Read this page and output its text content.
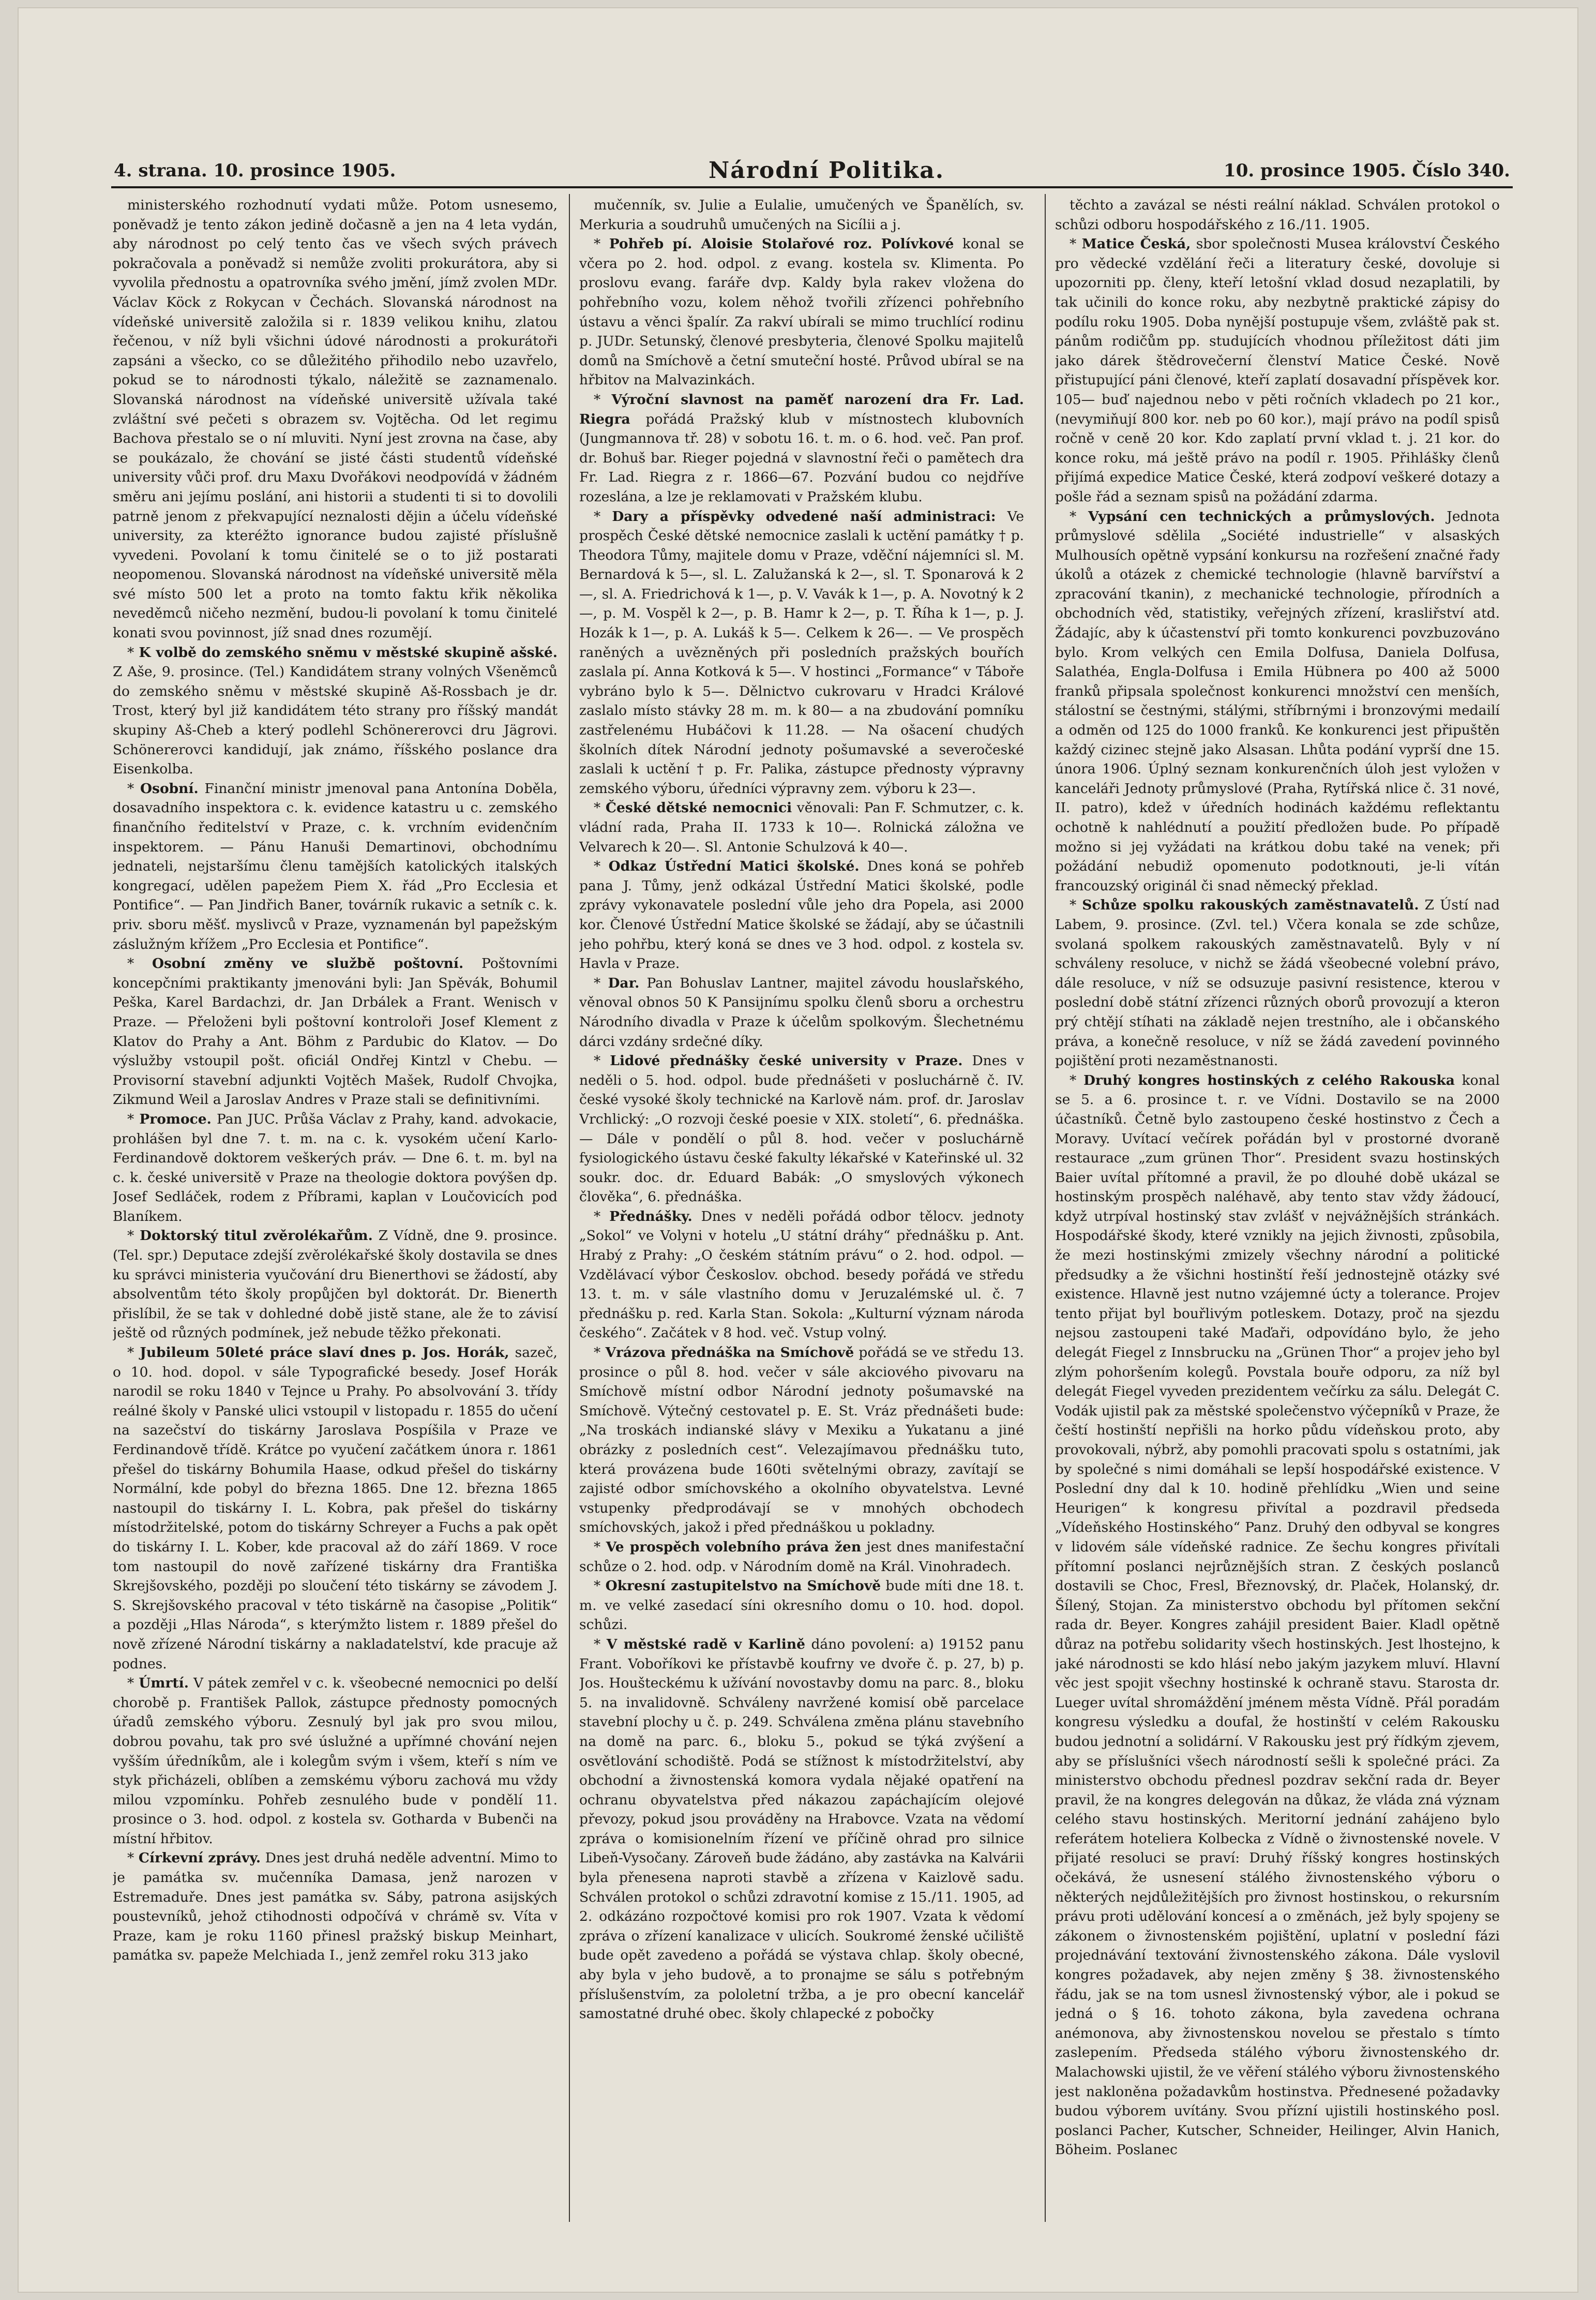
4. strana. 10. prosince 1905.	Národní Politika.	10. prosince 1905. Číslo 340.

ministerského rozhodnutí vydati může. Potom usnesemo, poněvadž je tento zákon jedině dočasně a jen na 4 leta vydán, aby národnost po celý tento čas ve všech svých právech pokračovala a poněvadž si nemůže zvoliti prokurátora, aby si vyvolila přednostu a opatrovníka svého jmění, jímž zvolen MDr. Václav Köck z Rokycan v Čechách. Slovanská národnost na vídeňské universitě založila si r. 1839 velikou knihu, zlatou řečenou, v níž byli všichni údové národnosti a prokurátoři zapsáni a všecko, co se důležitého přihodilo nebo uzavřelo, pokud se to národnosti týkalo, náležitě se zaznamenalo. Slovanská národnost na vídeňské universitě užívala také zvláštní své pečeti s obrazem sv. Vojtěcha. Od let regimu Bachova přestalo se o ní mluviti. Nyní jest zrovna na čase, aby se poukázalo, že chování se jisté části studentů vídeňské university vůči prof. dru Maxu Dvořákovi neodpovídá v žádném směru ani jejímu poslání, ani historii a studenti ti si to dovolili patrně jenom z překvapující neznalosti dějin a účelu vídeňské university, za kteréžto ignorance budou zajisté příslušně vyvedeni. Povolaní k tomu činitelé se o to již postarati neopomenou. Slovanská národnost na vídeňské universitě měla své místo 500 let a proto na tomto faktu křik několika neveděmců ničeho nezmění, budou-li povolaní k tomu činitelé konati svou povinnost, jíž snad dnes rozumějí.

* K volbě do zemského sněmu v městské skupině ašské. Z Aše, 9. prosince. (Tel.) Kandidátem strany volných Všeněmců do zemského sněmu v městské skupině Aš-Rossbach je dr. Trost, který byl již kandidátem této strany pro říšský mandát skupiny Aš-Cheb a který podlehl Schönererovci dru Jägrovi. Schönererovci kandidují, jak známo, říšského poslance dra Eisenkolba.

* Osobní. Finanční ministr jmenoval pana Antonína Doběla, dosavadního inspektora c. k. evidence katastru u c. zemského finančního ředitelství v Praze, c. k. vrchním evidenčním inspektorem. — Pánu Hanuši Demartinovi, obchodnímu jednateli, nejstaršímu členu tamějších katolických italských kongregací, udělen papežem Piem X. řád „Pro Ecclesia et Pontifice“. — Pan Jindřich Baner, továrník rukavic a setník c. k. priv. sboru měšť. myslivců v Praze, vyznamenán byl papežským záslužným křížem „Pro Ecclesia et Pontifice“.

* Osobní změny ve službě poštovní. Poštovními koncepčními praktikanty jmenováni byli: Jan Spěvák, Bohumil Peška, Karel Bardachzi, dr. Jan Drbálek a Frant. Wenisch v Praze. — Přeloženi byli poštovní kontroloři Josef Klement z Klatov do Prahy a Ant. Böhm z Pardubic do Klatov. — Do výslužby vstoupil pošt. oficiál Ondřej Kintzl v Chebu. — Provisorní stavební adjunkti Vojtěch Mašek, Rudolf Chvojka, Zikmund Weil a Jaroslav Andres v Praze stali se definitivními.

* Promoce. Pan JUC. Průša Václav z Prahy, kand. advokacie, prohlášen byl dne 7. t. m. na c. k. vysokém učení Karlo-Ferdinandově doktorem veškerých práv. — Dne 6. t. m. byl na c. k. české universitě v Praze na theologie doktora povýšen dp. Josef Sedláček, rodem z Příbrami, kaplan v Loučovicích pod Blaníkem.

* Doktorský titul zvěrolékařům. Z Vídně, dne 9. prosince. (Tel. spr.) Deputace zdejší zvěrolékařské školy dostavila se dnes ku správci ministeria vyučování dru Bienerthovi se žádostí, aby absolventům této školy propůjčen byl doktorát. Dr. Bienerth přislíbil, že se tak v dohledné době jistě stane, ale že to závisí ještě od různých podmínek, jež nebude těžko překonati.

* Jubileum 50leté práce slaví dnes p. Jos. Horák, sazeč, o 10. hod. dopol. v sále Typografické besedy. Josef Horák narodil se roku 1840 v Tejnce u Prahy. Po absolvování 3. třídy reálné školy v Panské ulici vstoupil v listopadu r. 1855 do učení na sazečství do tiskárny Jaroslava Pospíšila v Praze ve Ferdinandově třídě. Krátce po vyučení začátkem února r. 1861 přešel do tiskárny Bohumila Haase, odkud přešel do tiskárny Normální, kde pobyl do března 1865. Dne 12. března 1865 nastoupil do tiskárny I. L. Kobra, pak přešel do tiskárny místodržitelské, potom do tiskárny Schreyer a Fuchs a pak opět do tiskárny I. L. Kober, kde pracoval až do září 1869. V roce tom nastoupil do nově zařízené tiskárny dra Františka Skrejšovského, později po sloučení této tiskárny se závodem J. S. Skrejšovského pracoval v této tiskárně na časopise „Politik“ a později „Hlas Národa“, s kterýmžto listem r. 1889 přešel do nově zřízené Národní tiskárny a nakladatelství, kde pracuje až podnes.

* Úmrtí. V pátek zemřel v c. k. všeobecné nemocnici po delší chorobě p. František Pallok, zástupce přednosty pomocných úřadů zemského výboru. Zesnulý byl jak pro svou milou, dobrou povahu, tak pro své úslužné a upřímné chování nejen vyšším úředníkům, ale i kolegům svým i všem, kteří s ním ve styk přicházeli, oblíben a zemskému výboru zachová mu vždy milou vzpomínku. Pohřeb zesnulého bude v pondělí 11. prosince o 3. hod. odpol. z kostela sv. Gotharda v Bubenči na místní hřbitov.

* Církevní zprávy. Dnes jest druhá neděle adventní. Mimo to je památka sv. mučenníka Damasa, jenž narozen v Estremaduře. Dnes jest památka sv. Sáby, patrona asijských poustevníků, jehož ctihodnosti odpočívá v chrámě sv. Víta v Praze, kam je roku 1160 přinesl pražský biskup Meinhart, památka sv. papeže Melchiada I., jenž zemřel roku 313 jako

mučenník, sv. Julie a Eulalie, umučených ve Španělích, sv. Merkuria a soudruhů umučených na Sicílii a j.

* Pohřeb pí. Aloisie Stolařové roz. Polívkové konal se včera po 2. hod. odpol. z evang. kostela sv. Klimenta. Po proslovu evang. faráře dvp. Kaldy byla rakev vložena do pohřebního vozu, kolem něhož tvořili zřízenci pohřebního ústavu a věnci špalír. Za rakví ubírali se mimo truchlící rodinu p. JUDr. Setunský, členové presbyteria, členové Spolku majitelů domů na Smíchově a četní smuteční hosté. Průvod ubíral se na hřbitov na Malvazinkách.

* Výroční slavnost na paměť narození dra Fr. Lad. Riegra pořádá Pražský klub v místnostech klubovních (Jungmannova tř. 28) v sobotu 16. t. m. o 6. hod. več. Pan prof. dr. Bohuš bar. Rieger pojedná v slavnostní řeči o pamětech dra Fr. Lad. Riegra z r. 1866—67. Pozvání budou co nejdříve rozeslána, a lze je reklamovati v Pražském klubu.

* Dary a příspěvky odvedené naší administraci: Ve prospěch České dětské nemocnice zaslali k uctění památky † p. Theodora Tůmy, majitele domu v Praze, vděční nájemníci sl. M. Bernardová k 5—, sl. L. Zalužanská k 2—, sl. T. Sponarová k 2—, sl. A. Friedrichová k 1—, p. V. Vavák k 1—, p. A. Novotný k 2—, p. M. Vospěl k 2—, p. B. Hamr k 2—, p. T. Říha k 1—, p. J. Hozák k 1—, p. A. Lukáš k 5—. Celkem k 26—. — Ve prospěch raněných a uvězněných při posledních pražských bouřích zaslala pí. Anna Kotková k 5—. V hostinci „Formance“ v Táboře vybráno bylo k 5—. Dělnictvo cukrovaru v Hradci Králové zaslalo místo stávky 28 m. m. k 80— a na zbudování pomníku zastřelenému Hubáčovi k 11.28. — Na ošacení chudých školních dítek Národní jednoty pošumavské a severočeské zaslali k uctění † p. Fr. Palika, zástupce přednosty výpravny zemského výboru, úředníci výpravny zem. výboru k 23—.

* České dětské nemocnici věnovali: Pan F. Schmutzer, c. k. vládní rada, Praha II. 1733 k 10—. Rolnická záložna ve Velvarech k 20—. Sl. Antonie Schulzová k 40—.

* Odkaz Ústřední Matici školské. Dnes koná se pohřeb pana J. Tůmy, jenž odkázal Ústřední Matici školské, podle zprávy vykonavatele poslední vůle jeho dra Popela, asi 2000 kor. Členové Ústřední Matice školské se žádají, aby se účastnili jeho pohřbu, který koná se dnes ve 3 hod. odpol. z kostela sv. Havla v Praze.

* Dar. Pan Bohuslav Lantner, majitel závodu houslařského, věnoval obnos 50 K Pansijnímu spolku členů sboru a orchestru Národního divadla v Praze k účelům spolkovým. Šlechetnému dárci vzdány srdečné díky.

* Lidové přednášky české university v Praze. Dnes v neděli o 5. hod. odpol. bude přednášeti v posluchárně č. IV. české vysoké školy technické na Karlově nám. prof. dr. Jaroslav Vrchlický: „O rozvoji české poesie v XIX. století“, 6. přednáška. — Dále v pondělí o půl 8. hod. večer v posluchárně fysiologického ústavu české fakulty lékařské v Kateřinské ul. 32 soukr. doc. dr. Eduard Babák: „O smyslových výkonech člověka“, 6. přednáška.

* Přednášky. Dnes v neděli pořádá odbor tělocv. jednoty „Sokol“ ve Volyni v hotelu „U státní dráhy“ přednášku p. Ant. Hrabý z Prahy: „O českém státním právu“ o 2. hod. odpol. — Vzdělávací výbor Českoslov. obchod. besedy pořádá ve středu 13. t. m. v sále vlastního domu v Jeruzalémské ul. č. 7 přednášku p. red. Karla Stan. Sokola: „Kulturní význam národa českého“. Začátek v 8 hod. več. Vstup volný.

* Vrázova přednáška na Smíchově pořádá se ve středu 13. prosince o půl 8. hod. večer v sále akciového pivovaru na Smíchově místní odbor Národní jednoty pošumavské na Smíchově. Výtečný cestovatel p. E. St. Vráz přednášeti bude: „Na troskách indianské slávy v Mexiku a Yukatanu a jiné obrázky z posledních cest“. Velezajímavou přednášku tuto, která provázena bude 160ti světelnými obrazy, zavítají se zajisté odbor smíchovského a okolního obyvatelstva. Levné vstupenky předprodávají se v mnohých obchodech smíchovských, jakož i před přednáškou u pokladny.

* Ve prospěch volebního práva žen jest dnes manifestační schůze o 2. hod. odp. v Národním domě na Král. Vinohradech.

* Okresní zastupitelstvo na Smíchově bude míti dne 18. t. m. ve velké zasedací síni okresního domu o 10. hod. dopol. schůzi.

* V městské radě v Karlině dáno povolení: a) 19152 panu Frant. Voboříkovi ke přístavbě koufrny ve dvoře č. p. 27, b) p. Jos. Houšteckému k užívání novostavby domu na parc. 8., bloku 5. na invalidovně. Schváleny navržené komisí obě parcelace stavební plochy u č. p. 249. Schválena změna plánu stavebního na domě na parc. 6., bloku 5., pokud se týká zvýšení a osvětlování schodiště. Podá se stížnost k místodržitelství, aby obchodní a živnostenská komora vydala nějaké opatření na ochranu obyvatelstva před nákazou zapáchajícím olejové převozy, pokud jsou prováděny na Hrabovce. Vzata na vědomí zpráva o komisionelním řízení ve příčině ohrad pro silnice Libeň-Vysočany. Zároveň bude žádáno, aby zastávka na Kalvárii byla přenesena naproti stavbě a zřízena v Kaizlově sadu. Schválen protokol o schůzi zdravotní komise z 15./11. 1905, ad 2. odkázáno rozpočtové komisi pro rok 1907. Vzata k vědomí zpráva o zřízení kanalizace v ulicích. Soukromé ženské učiliště bude opět zavedeno a pořádá se výstava chlap. školy obecné, aby byla v jeho budově, a to pronajme se sálu s potřebným příslušenstvím, za pololetní tržba, a je pro obecní kancelář samostatné druhé obec. školy chlapecké z pobočky

těchto a zavázal se nésti reální náklad. Schválen protokol o schůzi odboru hospodářského z 16./11. 1905.

* Matice Česká, sbor společnosti Musea království Českého pro vědecké vzdělání řeči a literatury české, dovoluje si upozorniti pp. členy, kteří letošní vklad dosud nezaplatili, by tak učinili do konce roku, aby nezbytně praktické zápisy do podílu roku 1905. Doba nynější postupuje všem, zvláště pak st. pánům rodičům pp. studujících vhodnou příležitost dáti jim jako dárek štědrovečerní členství Matice České. Nově přistupující páni členové, kteří zaplatí dosavadní příspěvek kor. 105— buď najednou nebo v pěti ročních vkladech po 21 kor., (nevymiňují 800 kor. neb po 60 kor.), mají právo na podíl spisů ročně v ceně 20 kor. Kdo zaplatí první vklad t. j. 21 kor. do konce roku, má ještě právo na podíl r. 1905. Přihlášky členů přijímá expedice Matice České, která zodpoví veškeré dotazy a pošle řád a seznam spisů na požádání zdarma.

* Vypsání cen technických a průmyslových. Jednota průmyslové sdělila „Société industrielle“ v alsaských Mulhousích opětně vypsání konkursu na rozřešení značné řady úkolů a otázek z chemické technologie (hlavně barvířství a zpracování tkanin), z mechanické technologie, přírodních a obchodních věd, statistiky, veřejných zřízení, krasliřství atd. Žádajíc, aby k účastenství při tomto konkurenci povzbuzováno bylo. Krom velkých cen Emila Dolfusa, Daniela Dolfusa, Salathéa, Engla-Dolfusa i Emila Hübnera po 400 až 5000 franků připsala společnost konkurenci množství cen menších, stálostní se čestnými, stálými, stříbrnými i bronzovými medailí a odměn od 125 do 1000 franků. Ke konkurenci jest připuštěn každý cizinec stejně jako Alsasan. Lhůta podání vyprší dne 15. února 1906. Úplný seznam konkurenčních úloh jest vyložen v kanceláři Jednoty průmyslové (Praha, Rytířská nlice č. 31 nové, II. patro), kdež v úředních hodinách každému reflektantu ochotně k nahlédnutí a použití předložen bude. Po případě možno si jej vyžádati na krátkou dobu také na venek; při požádání nebudiž opomenuto podotknouti, je-li vítán francouzský originál či snad německý překlad.

* Schůze spolku rakouských zaměstnavatelů. Z Ústí nad Labem, 9. prosince. (Zvl. tel.) Včera konala se zde schůze, svolaná spolkem rakouských zaměstnavatelů. Byly v ní schváleny resoluce, v nichž se žádá všeobecné volební právo, dále resoluce, v níž se odsuzuje pasivní resistence, kterou v poslední době státní zřízenci různých oborů provozují a kteron prý chtějí stíhati na základě nejen trestního, ale i občanského práva, a konečně resoluce, v níž se žádá zavedení povinného pojištění proti nezaměstnanosti.

* Druhý kongres hostinských z celého Rakouska konal se 5. a 6. prosince t. r. ve Vídni. Dostavilo se na 2000 účastníků. Četně bylo zastoupeno české hostinstvo z Čech a Moravy. Uvítací večírek pořádán byl v prostorné dvoraně restaurace „zum grünen Thor“. President svazu hostinských Baier uvítal přítomné a pravil, že po dlouhé době ukázal se hostinským prospěch naléhavě, aby tento stav vždy žádoucí, když utrpíval hostinský stav zvlášť v nejvážnějších stránkách. Hospodářské škody, které vznikly na jejich živnosti, způsobila, že mezi hostinskými zmizely všechny národní a politické předsudky a že všichni hostinští řeší jednostejně otázky své existence. Hlavně jest nutno vzájemné úcty a tolerance. Projev tento přijat byl bouřlivým potleskem. Dotazy, proč na sjezdu nejsou zastoupeni také Maďaři, odpovídáno bylo, že jeho delegát Fiegel z Innsbrucku na „Grünen Thor“ a projev jeho byl zlým pohoršením kolegů. Povstala bouře odporu, za níž byl delegát Fiegel vyveden prezidentem večírku za sálu. Delegát C. Vodák ujistil pak za městské společenstvo výčepníků v Praze, že čeští hostinští nepřišli na horko půdu vídeňskou proto, aby provokovali, nýbrž, aby pomohli pracovati spolu s ostatními, jak by společné s nimi domáhali se lepší hospodářské existence. V Poslední dny dal k 10. hodině přehlídku „Wien und seine Heurigen“ k kongresu přivítal a pozdravil předseda „Vídeňského Hostinského“ Panz. Druhý den odbyval se kongres v lidovém sále vídeňské radnice. Ze šechu kongres přivítali přítomní poslanci nejrůznějších stran. Z českých poslanců dostavili se Choc, Fresl, Březnovský, dr. Plaček, Holanský, dr. Šílený, Stojan. Za ministerstvo obchodu byl přítomen sekční rada dr. Beyer. Kongres zahájil president Baier. Kladl opětně důraz na potřebu solidarity všech hostinských. Jest lhostejno, k jaké národnosti se kdo hlásí nebo jakým jazykem mluví. Hlavní věc jest spojit všechny hostinské k ochraně stavu. Starosta dr. Lueger uvítal shromáždění jménem města Vídně. Přál poradám kongresu výsledku a doufal, že hostinští v celém Rakousku budou jednotní a solidární. V Rakousku jest prý řídkým zjevem, aby se příslušníci všech národností sešli k společné práci. Za ministerstvo obchodu přednesl pozdrav sekční rada dr. Beyer pravil, že na kongres delegován na důkaz, že vláda zná význam celého stavu hostinských. Meritorní jednání zahájeno bylo referátem hoteliera Kolbecka z Vídně o živnostenské novele. V přijaté resoluci se praví: Druhý říšský kongres hostinských očekává, že usnesení stálého živnostenského výboru o některých nejdůležitějších pro živnost hostinskou, o rekursním právu proti udělování koncesí a o změnách, jež byly spojeny se zákonem o živnostenském pojištění, uplatní v poslední fázi projednávání textování živnostenského zákona. Dále vyslovil kongres požadavek, aby nejen změny § 38. živnostenského řádu, jak se na tom usnesl živnostenský výbor, ale i pokud se jedná o § 16. tohoto zákona, byla zavedena ochrana anémonova, aby živnostenskou novelou se přestalo s tímto zaslepením. Předseda stálého výboru živnostenského dr. Malachowski ujistil, že ve věření stálého výboru živnostenského jest nakloněna požadavkům hostinstva. Přednesené požadavky budou výborem uvítány. Svou přízní ujistili hostinského posl. poslanci Pacher, Kutscher, Schneider, Heilinger, Alvin Hanich, Böheim. Poslanec
